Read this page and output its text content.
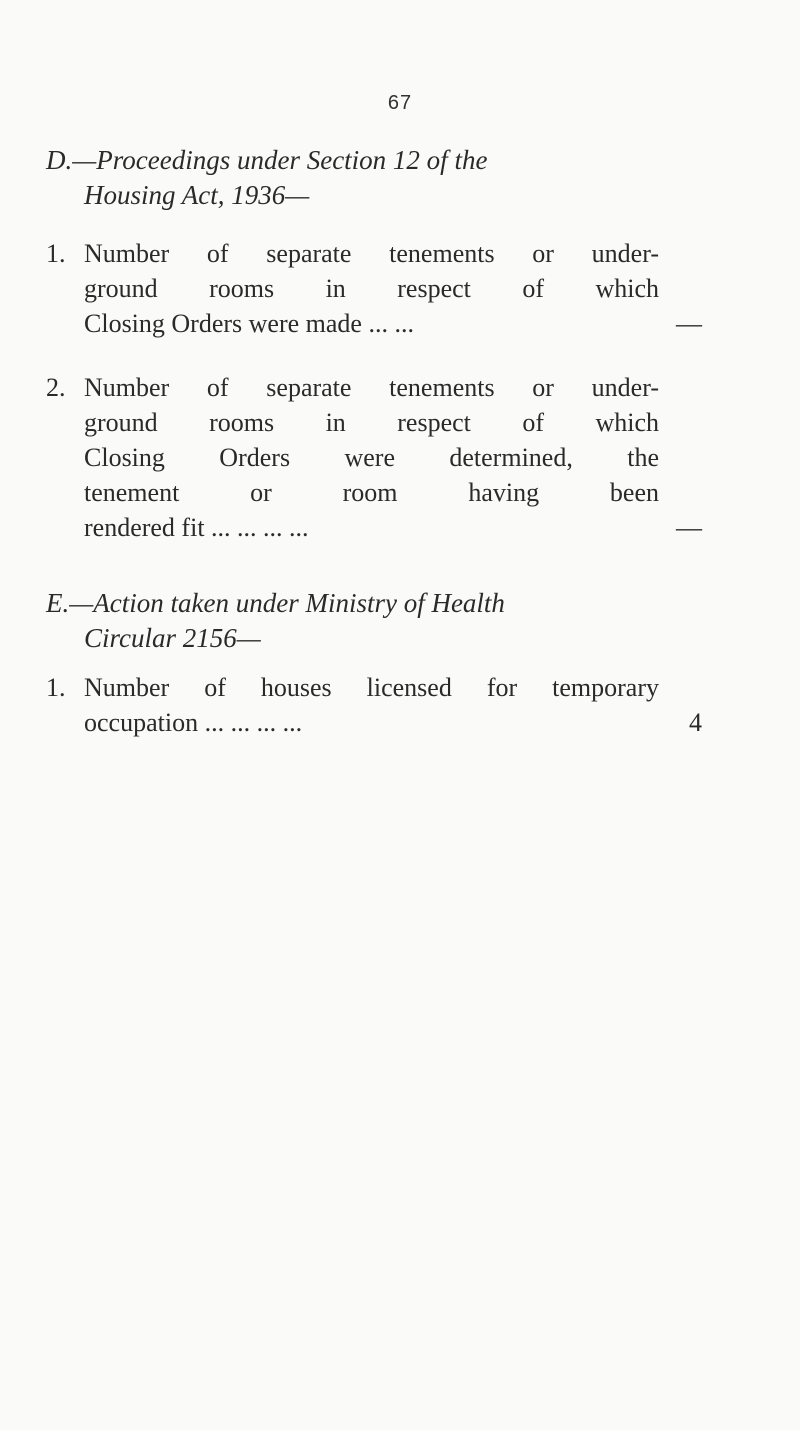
67
D.—Proceedings under Section 12 of the
Housing Act, 1936—
1. Number of separate tenements or under-
ground rooms in respect of which
Closing Orders were made ... ...	—
2. Number of separate tenements or under-
ground rooms in respect of which
Closing Orders were determined, the
tenement or room having been
rendered fit ... ... ... ...	—
E.—Action taken under Ministry of Health
Circular 2156—
1. Number of houses licensed for temporary
occupation ... ... ... ...	4
